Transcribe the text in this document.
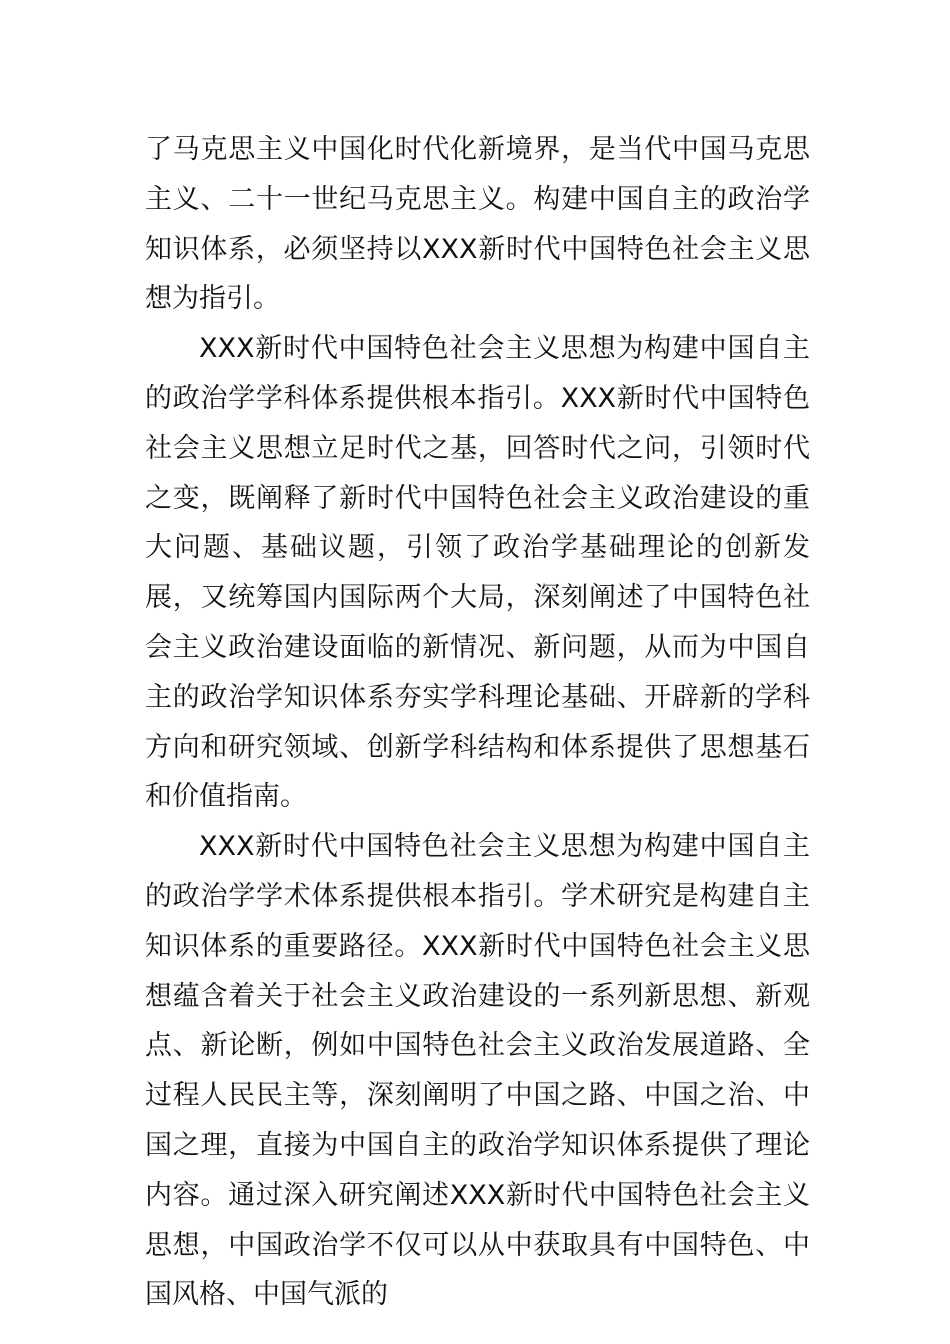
了马克思主义中国化时代化新境界，是当代中国马克思主义、二十一世纪马克思主义。构建中国自主的政治学知识体系，必须坚持以XXX新时代中国特色社会主义思想为指引。

XXX新时代中国特色社会主义思想为构建中国自主的政治学学科体系提供根本指引。XXX新时代中国特色社会主义思想立足时代之基，回答时代之问，引领时代之变，既阐释了新时代中国特色社会主义政治建设的重大问题、基础议题，引领了政治学基础理论的创新发展，又统筹国内国际两个大局，深刻阐述了中国特色社会主义政治建设面临的新情况、新问题，从而为中国自主的政治学知识体系夯实学科理论基础、开辟新的学科方向和研究领域、创新学科结构和体系提供了思想基石和价值指南。

XXX新时代中国特色社会主义思想为构建中国自主的政治学学术体系提供根本指引。学术研究是构建自主知识体系的重要路径。XXX新时代中国特色社会主义思想蕴含着关于社会主义政治建设的一系列新思想、新观点、新论断，例如中国特色社会主义政治发展道路、全过程人民民主等，深刻阐明了中国之路、中国之治、中国之理，直接为中国自主的政治学知识体系提供了理论内容。通过深入研究阐述XXX新时代中国特色社会主义思想，中国政治学不仅可以从中获取具有中国特色、中国风格、中国气派的
